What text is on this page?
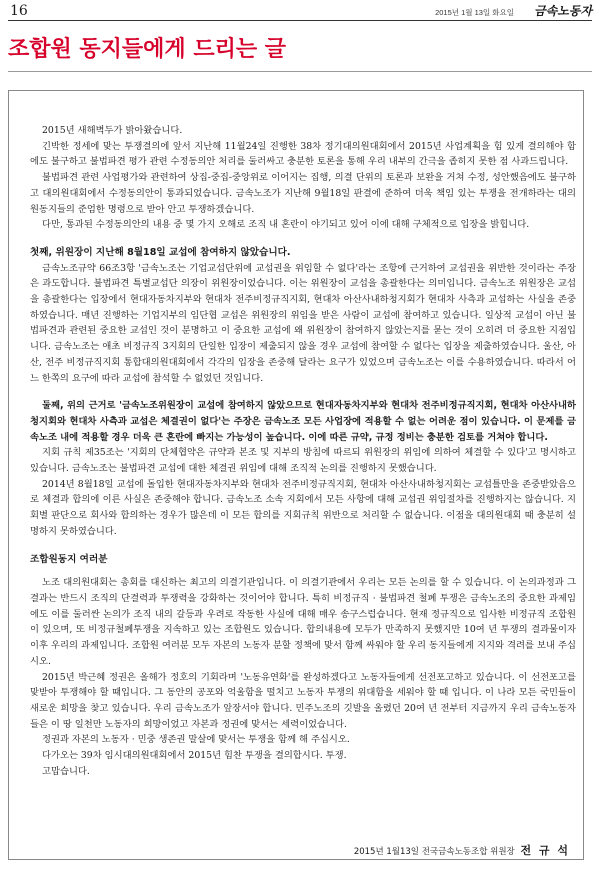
16	2015년 1월 13일 화요일 금속노동자
조합원 동지들에게 드리는 글

2015년 새해벽두가 밝아왔습니다.

긴박한 정세에 맞는 투쟁결의에 앞서 지난해 11월24일 진행한 38차 정기대의원대회에서 2015년 사업계획을 힘 있게 결의해야 함에도 불구하고 불법파견 평가 관련 수정동의안 처리를 둘러싸고 충분한 토론을 통해 우리 내부의 간극을 좁히지 못한 점 사과드립니다.

불법파견 관련 사업평가와 관련하여 상집-중집-중앙위로 이어지는 집행, 의결 단위의 토론과 보완을 거쳐 수정, 성안했음에도 불구하고 대의원대회에서 수정동의안이 통과되었습니다. 금속노조가 지난해 9월18일 판결에 준하여 더욱 책임 있는 투쟁을 전개하라는 대의원동지들의 준엄한 명령으로 받아 안고 투쟁하겠습니다.

다만, 통과된 수정동의안의 내용 중 몇 가지 오해로 조직 내 혼란이 야기되고 있어 이에 대해 구체적으로 입장을 밝힙니다.

첫째, 위원장이 지난해 8월18일 교섭에 참여하지 않았습니다.

금속노조규약 66조3항 '금속노조는 기업교섭단위에 교섭권을 위임할 수 없다'라는 조항에 근거하여 교섭권을 위반한 것이라는 주장은 과도합니다. 불법파견 특별교섭단 의장이 위원장이었습니다. 이는 위원장이 교섭을 총괄한다는 의미입니다. 금속노조 위원장은 교섭을 총괄한다는 입장에서 현대자동차지부와 현대차 전주비정규직지회, 현대차 아산사내하청지회가 현대차 사측과 교섭하는 사실을 존중하였습니다. 매년 진행하는 기업지부의 임단협 교섭은 위원장의 위임을 받은 사람이 교섭에 참여하고 있습니다. 일상적 교섭이 아닌 불법파견과 관련된 중요한 교섭인 것이 분명하고 이 중요한 교섭에 왜 위원장이 참여하지 않았는지를 묻는 것이 오히려 더 중요한 지점입니다. 금속노조는 애초 비정규직 3지회의 단일한 입장이 제출되지 않을 경우 교섭에 참여할 수 없다는 입장을 제출하였습니다. 울산, 아산, 전주 비정규직지회 통합대의원대회에서 각각의 입장을 존중해 달라는 요구가 있었으며 금속노조는 이를 수용하였습니다. 따라서 어느 한쪽의 요구에 따라 교섭에 참석할 수 없었던 것입니다.

둘째, 위의 근거로 '금속노조위원장이 교섭에 참여하지 않았으므로 현대자동차지부와 현대차 전주비정규직지회, 현대차 아산사내하청지회와 현대차 사측과 교섭은 체결권이 없다'는 주장은 금속노조 모든 사업장에 적용할 수 없는 어려운 점이 있습니다. 이 문제를 금속노조 내에 적용할 경우 더욱 큰 혼란에 빠지는 가능성이 높습니다. 이에 따른 규약, 규정 정비는 충분한 검토를 거쳐야 합니다.

지회 규칙 제35조는 '지회의 단체협약은 규약과 본조 및 지부의 방침에 따르되 위원장의 위임에 의하여 체결할 수 있다'고 명시하고 있습니다. 금속노조는 불법파견 교섭에 대한 체결권 위임에 대해 조직적 논의를 진행하지 못했습니다.

2014년 8월18일 교섭에 돌입한 현대자동차지부와 현대차 전주비정규직지회, 현대차 아산사내하청지회는 교섭틀만을 존중받았음으로 체결과 합의에 이른 사실은 존중해야 합니다. 금속노조 소속 지회에서 모든 사항에 대해 교섭권 위임절차를 진행하지는 않습니다. 지회별 판단으로 회사와 합의하는 경우가 많은데 이 모든 합의를 지회규칙 위반으로 처리할 수 없습니다. 이점을 대의원대회 때 충분히 설명하지 못하였습니다.

조합원동지 여러분

노조 대의원대회는 총회를 대신하는 최고의 의결기관입니다. 이 의결기관에서 우리는 모든 논의를 할 수 있습니다. 이 논의과정과 그 결과는 반드시 조직의 단결력과 투쟁력을 강화하는 것이어야 합니다. 특히 비정규직 · 불법파견 철폐 투쟁은 금속노조의 중요한 과제임에도 이를 둘러싼 논의가 조직 내의 갈등과 우려로 작동한 사실에 대해 매우 송구스럽습니다. 현재 정규직으로 입사한 비정규직 조합원이 있으며, 또 비정규철폐투쟁을 지속하고 있는 조합원도 있습니다. 합의내용에 모두가 만족하지 못했지만 10여 년 투쟁의 결과물이자 이후 우리의 과제입니다. 조합원 여러분 모두 자본의 노동자 분할 정책에 맞서 함께 싸워야 할 우리 동지들에게 지지와 격려를 보내 주십시오.

2015년 박근혜 정권은 올해가 정호의 기회라며 '노동유연화'를 완성하겠다고 노동자들에게 선전포고하고 있습니다. 이 선전포고를 맞받아 투쟁해야 할 때입니다. 그 동안의 공포와 억울함을 떨치고 노동자 투쟁의 위대함을 세워야 할 때 입니다. 이 나라 모든 국민들이 새로운 희망을 찾고 있습니다. 우리 금속노조가 앞장서야 합니다. 민주노조의 깃발을 올렸던 20여 년 전부터 지금까지 우리 금속노동자들은 이 땅 일천만 노동자의 희망이었고 자본과 정권에 맞서는 세력이었습니다.

정권과 자본의 노동자 · 민중 생존권 말살에 맞서는 투쟁을 함께 해 주십시오.

다가오는 39차 임시대의원대회에서 2015년 힘찬 투쟁을 결의합시다. 투쟁.

고맙습니다.

2015년 1월13일 전국금속노동조합 위원장 전 규 석
